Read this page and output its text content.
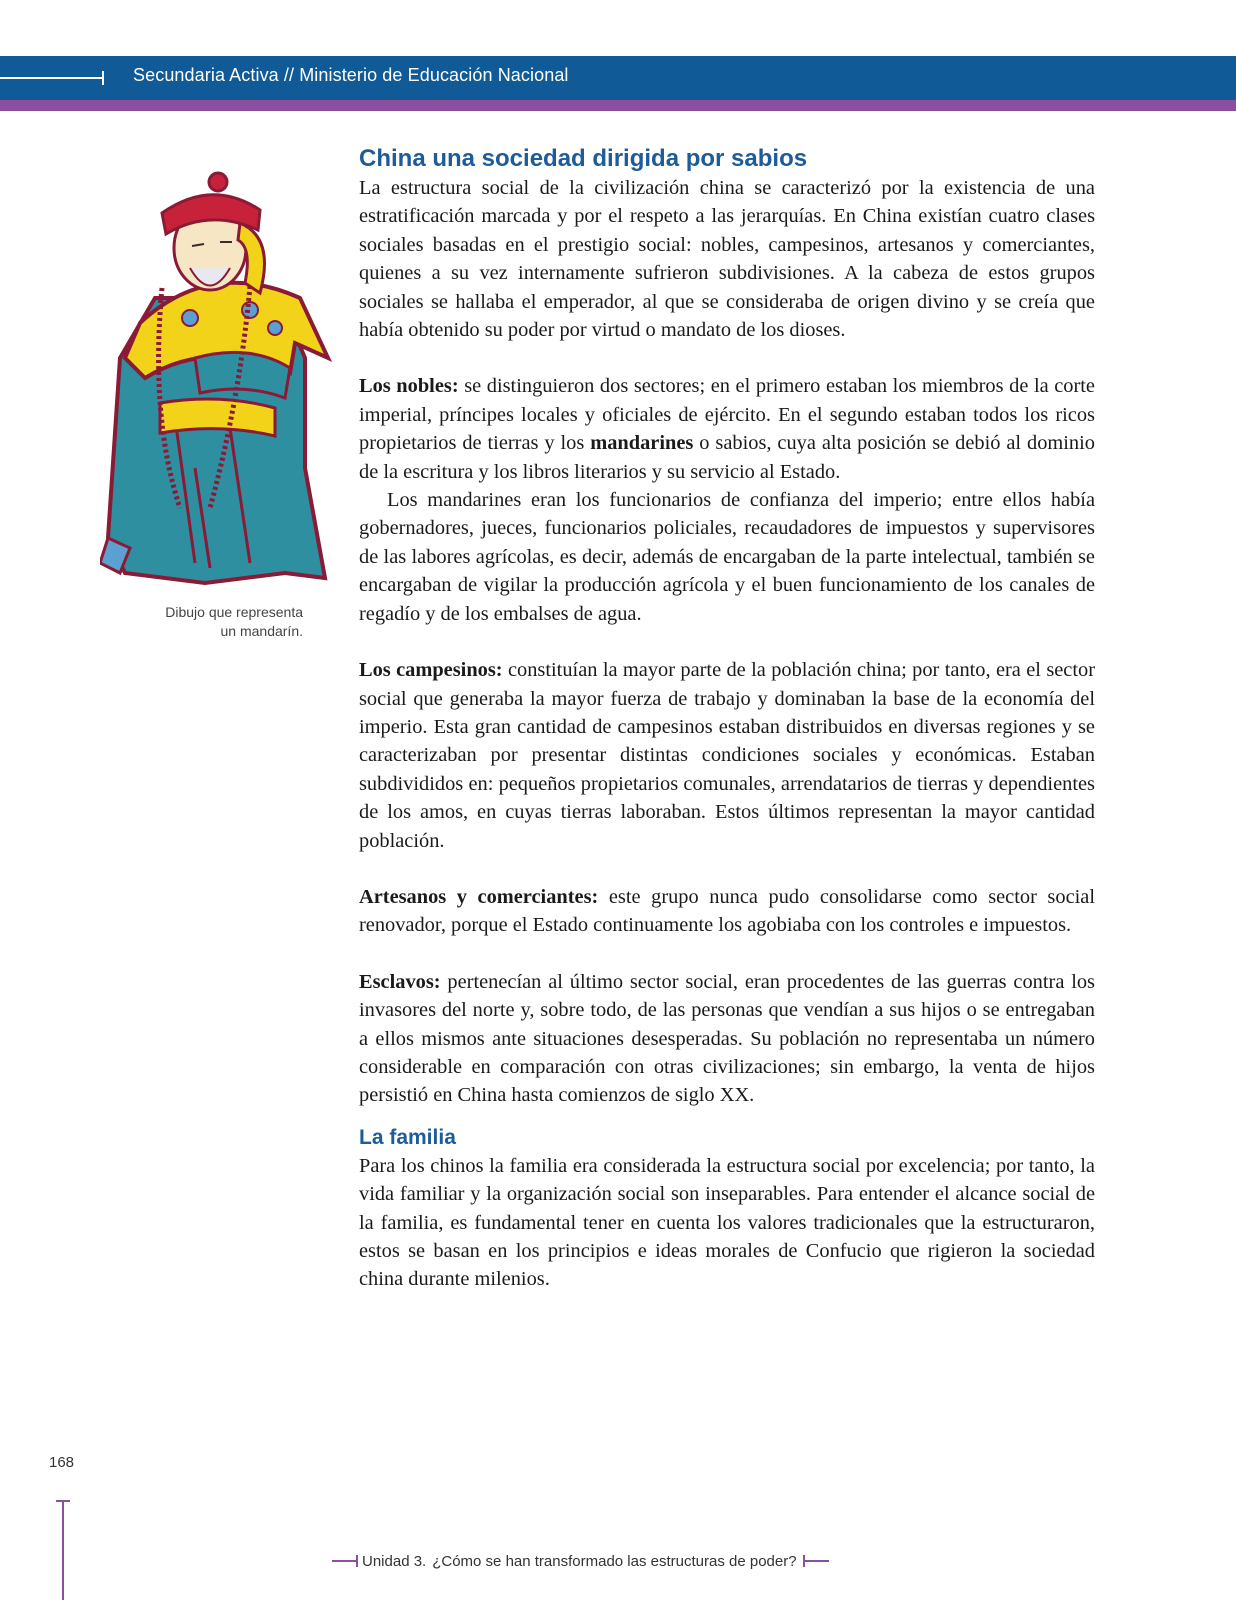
Secundaria Activa // Ministerio de Educación Nacional
Dibujo que representa
un mandarín.
China una sociedad dirigida por sabios

La estructura social de la civilización china se caracterizó por la existencia de una estratificación marcada y por el respeto a las jerarquías. En China existían cuatro clases sociales basadas en el prestigio social: nobles, campesinos, artesanos y comerciantes, quienes a su vez internamente sufrieron subdivisiones. A la cabeza de estos grupos sociales se hallaba el emperador, al que se consideraba de origen divino y se creía que había obtenido su poder por virtud o mandato de los dioses.

Los nobles: se distinguieron dos sectores; en el primero estaban los miembros de la corte imperial, príncipes locales y oficiales de ejército. En el segundo estaban todos los ricos propietarios de tierras y los mandarines o sabios, cuya alta posición se debió al dominio de la escritura y los libros literarios y su servicio al Estado.

Los mandarines eran los funcionarios de confianza del imperio; entre ellos había gobernadores, jueces, funcionarios policiales, recaudadores de impuestos y supervisores de las labores agrícolas, es decir, además de encargaban de la parte intelectual, también se encargaban de vigilar la producción agrícola y el buen funcionamiento de los canales de regadío y de los embalses de agua.

Los campesinos: constituían la mayor parte de la población china; por tanto, era el sector social que generaba la mayor fuerza de trabajo y dominaban la base de la economía del imperio. Esta gran cantidad de campesinos estaban distribuidos en diversas regiones y se caracterizaban por presentar distintas condiciones sociales y económicas. Estaban subdivididos en: pequeños propietarios comunales, arrendatarios de tierras y dependientes de los amos, en cuyas tierras laboraban. Estos últimos representan la mayor cantidad población.

Artesanos y comerciantes: este grupo nunca pudo consolidarse como sector social renovador, porque el Estado continuamente los agobiaba con los controles e impuestos.

Esclavos: pertenecían al último sector social, eran procedentes de las guerras contra los invasores del norte y, sobre todo, de las personas que vendían a sus hijos o se entregaban a ellos mismos ante situaciones desesperadas. Su población no representaba un número considerable en comparación con otras civilizaciones; sin embargo, la venta de hijos persistió en China hasta comienzos de siglo XX.

La familia

Para los chinos la familia era considerada la estructura social por excelencia; por tanto, la vida familiar y la organización social son inseparables. Para entender el alcance social de la familia, es fundamental tener en cuenta los valores tradicionales que la estructuraron, estos se basan en los principios e ideas morales de Confucio que rigieron la sociedad china durante milenios.

168
Unidad 3. ¿Cómo se han transformado las estructuras de poder?
